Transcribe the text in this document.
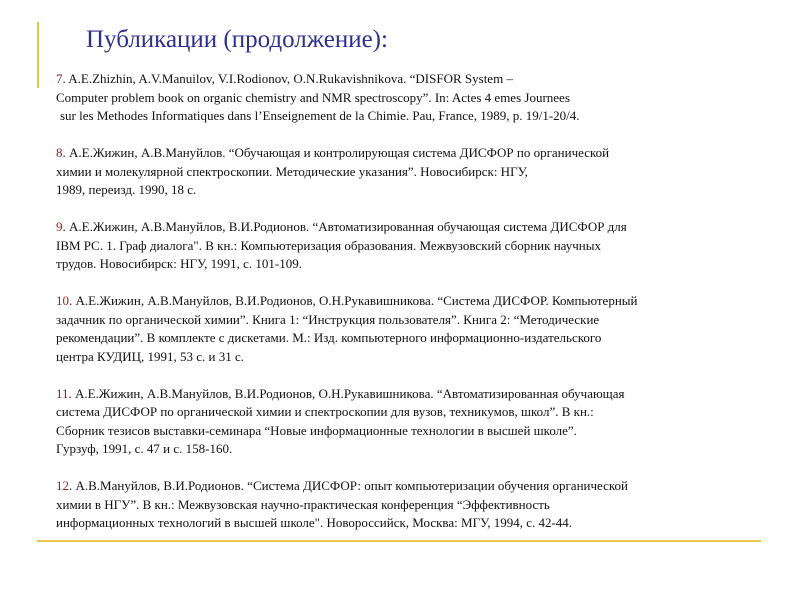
Публикации (продолжение):
7. A.E.Zhizhin, A.V.Manuilov, V.I.Rodionov, O.N.Rukavishnikova. “DISFOR System –
Computer problem book on organic chemistry and NMR spectroscopy”. In: Actes 4 emes Journees
sur les Methodes Informatiques dans l’Enseignement de la Chimie. Pau, France, 1989, p. 19/1-20/4.
8. А.Е.Жижин, А.В.Мануйлов. “Обучающая и контролирующая система ДИСФОР по органической
химии и молекулярной спектроскопии. Методические указания”. Новосибирск: НГУ,
1989, переизд. 1990, 18 с.
9. А.Е.Жижин, А.В.Мануйлов, В.И.Родионов. “Автоматизированная обучающая система ДИСФОР для
IBM PC. 1. Граф диалога". В кн.: Компьютеризация образования. Межвузовский сборник научных
трудов. Новосибирск: НГУ, 1991, с. 101-109.
10. А.Е.Жижин, А.В.Мануйлов, В.И.Родионов, О.Н.Рукавишникова. “Система ДИСФОР. Компьютерный
задачник по органической химии”. Книга 1: “Инструкция пользователя”. Книга 2: “Методические
рекомендации”. В комплекте с дискетами. М.: Изд. компьютерного информационно-издательского
центра КУДИЦ, 1991, 53 с. и 31 с.
11. А.Е.Жижин, А.В.Мануйлов, В.И.Родионов, О.Н.Рукавишникова. “Автоматизированная обучающая
система ДИСФОР по органической химии и спектроскопии для вузов, техникумов, школ”. В кн.:
Сборник тезисов выставки-семинара “Новые информационные технологии в высшей школе”.
Гурзуф, 1991, с. 47 и с. 158-160.
12. А.В.Мануйлов, В.И.Родионов. “Система ДИСФОР: опыт компьютеризации обучения органической
химии в НГУ”. В кн.: Межвузовская научно-практическая конференция “Эффективность
информационных технологий в высшей школе". Новороссийск, Москва: МГУ, 1994, с. 42-44.
